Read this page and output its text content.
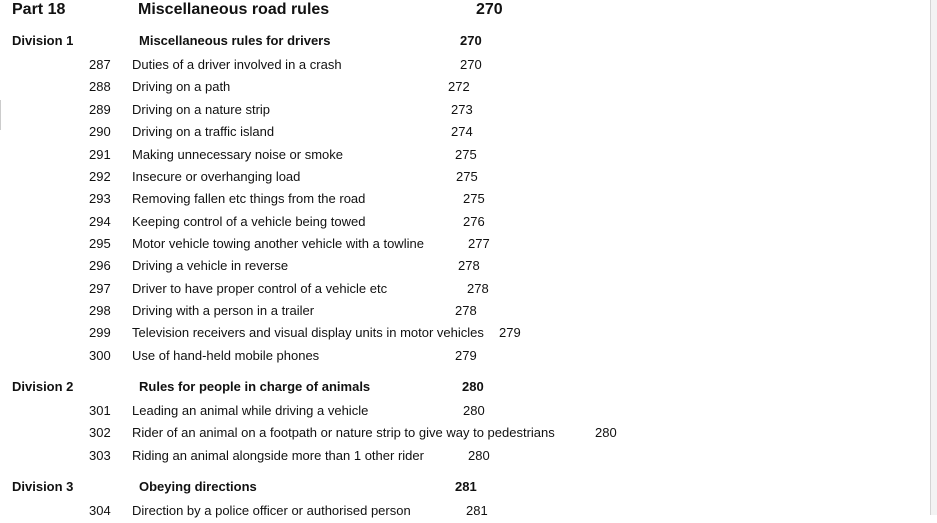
Part 18	Miscellaneous road rules	270
Division 1	Miscellaneous rules for drivers	270
287 Duties of a driver involved in a crash	270
288 Driving on a path	272
289 Driving on a nature strip	273
290 Driving on a traffic island	274
291 Making unnecessary noise or smoke	275
292 Insecure or overhanging load	275
293 Removing fallen etc things from the road	275
294 Keeping control of a vehicle being towed	276
295 Motor vehicle towing another vehicle with a towline	277
296 Driving a vehicle in reverse	278
297 Driver to have proper control of a vehicle etc	278
298 Driving with a person in a trailer	278
299 Television receivers and visual display units in motor vehicles 279
300 Use of hand-held mobile phones	279
Division 2	Rules for people in charge of animals	280
301 Leading an animal while driving a vehicle	280
302 Rider of an animal on a footpath or nature strip to give way to pedestrians	280
303 Riding an animal alongside more than 1 other rider	280
Division 3	Obeying directions	281
304 Direction by a police officer or authorised person	281
